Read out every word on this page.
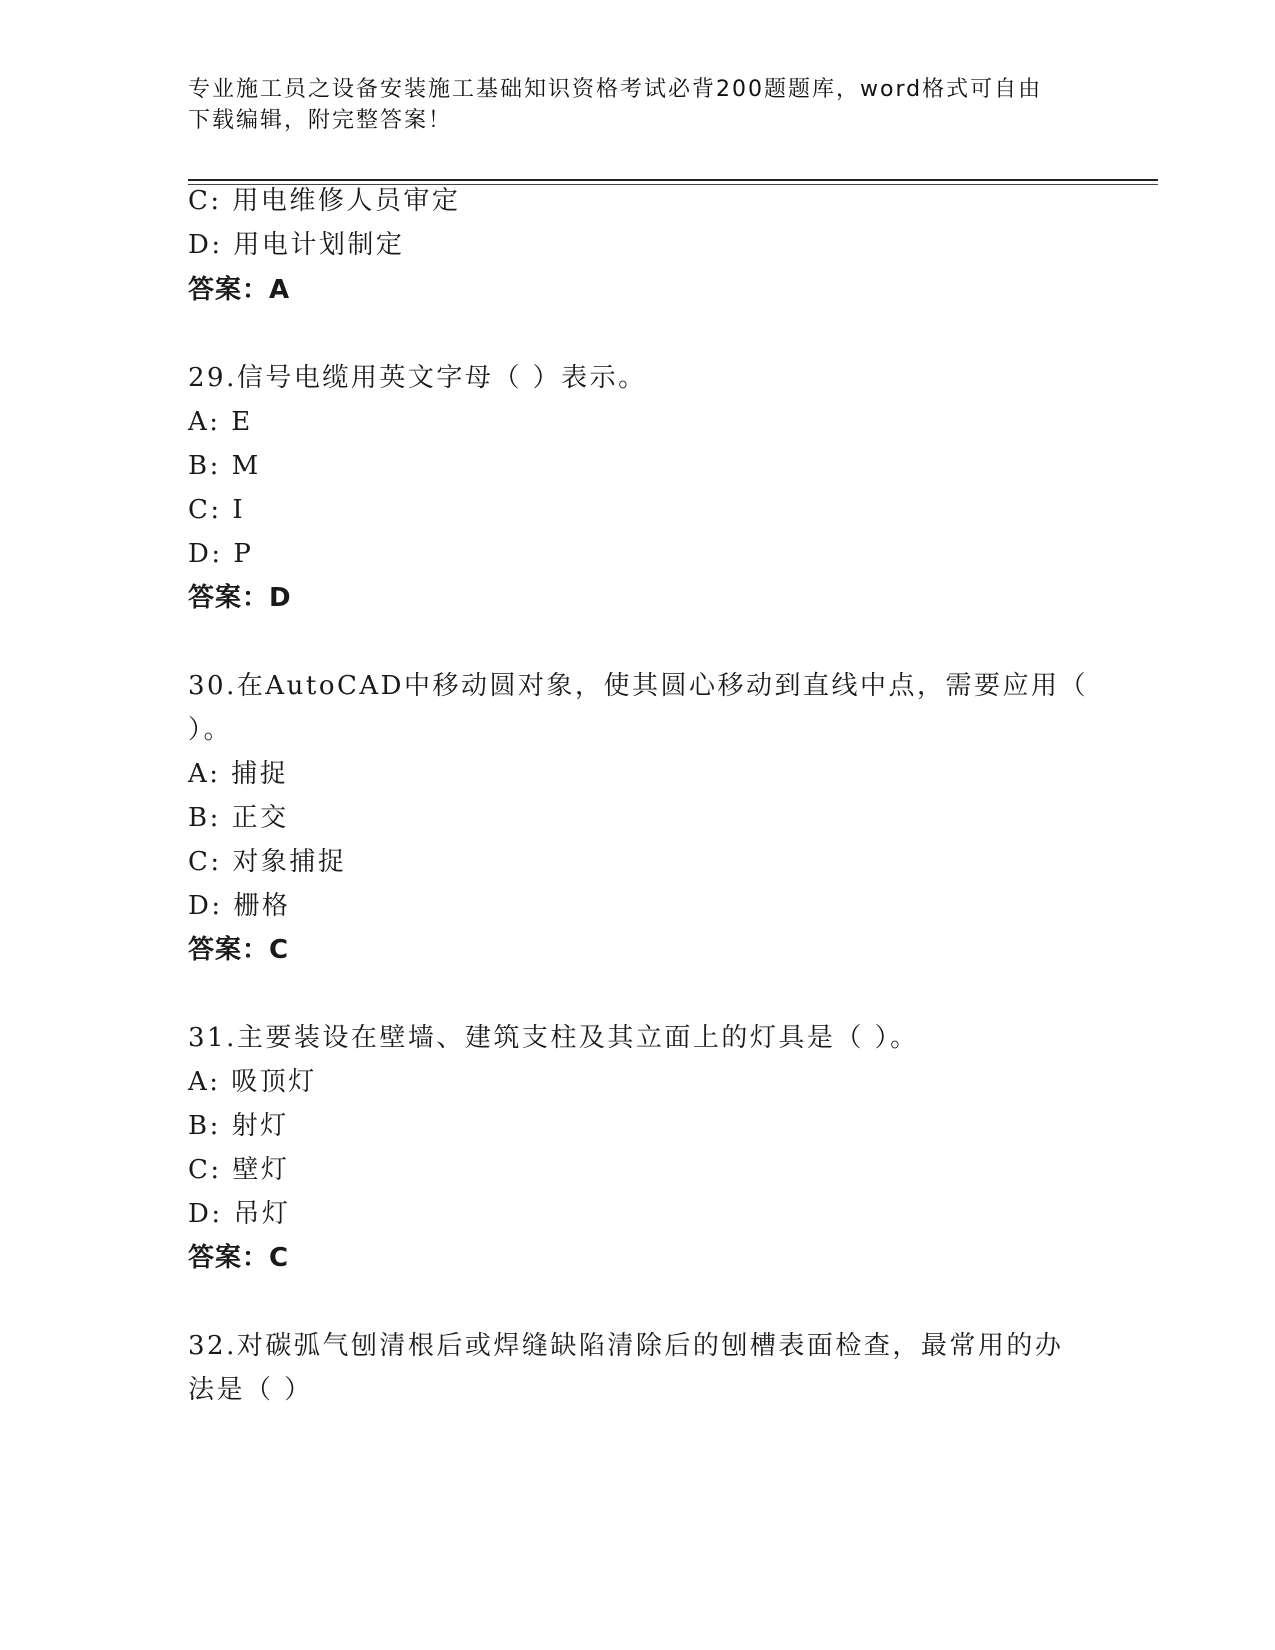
专业施工员之设备安装施工基础知识资格考试必背200题题库，word格式可自由
下载编辑，附完整答案！
C: 用电维修人员审定
D: 用电计划制定
答案：A
29.信号电缆用英文字母（ ）表示。
A: E
B: M
C: I
D: P
答案：D
30.在AutoCAD中移动圆对象，使其圆心移动到直线中点，需要应用（
）。
A: 捕捉
B: 正交
C: 对象捕捉
D: 栅格
答案：C
31.主要装设在壁墙、建筑支柱及其立面上的灯具是（ ）。
A: 吸顶灯
B: 射灯
C: 壁灯
D: 吊灯
答案：C
32.对碳弧气刨清根后或焊缝缺陷清除后的刨槽表面检查，最常用的办
法是（ ）
